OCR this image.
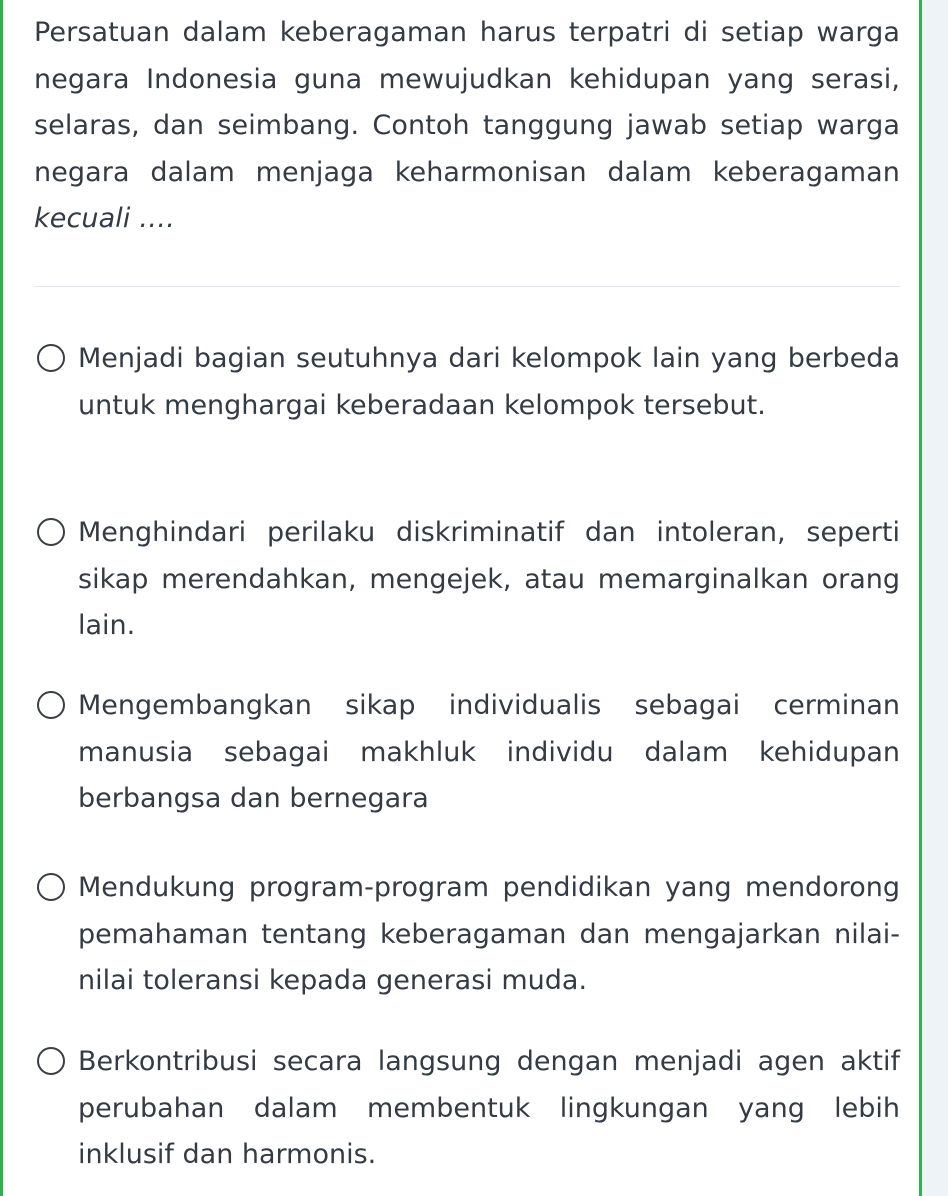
Persatuan dalam keberagaman harus terpatri di setiap warga negara Indonesia guna mewujudkan kehidupan yang serasi, selaras, dan seimbang. Contoh tanggung jawab setiap warga negara dalam menjaga keharmonisan dalam keberagaman kecuali ….
Menjadi bagian seutuhnya dari kelompok lain yang berbeda untuk menghargai keberadaan kelompok tersebut.
Menghindari perilaku diskriminatif dan intoleran, seperti sikap merendahkan, mengejek, atau memarginalkan orang lain.
Mengembangkan sikap individualis sebagai cerminan manusia sebagai makhluk individu dalam kehidupan berbangsa dan bernegara
Mendukung program-program pendidikan yang mendorong pemahaman tentang keberagaman dan mengajarkan nilai-nilai toleransi kepada generasi muda.
Berkontribusi secara langsung dengan menjadi agen aktif perubahan dalam membentuk lingkungan yang lebih inklusif dan harmonis.
